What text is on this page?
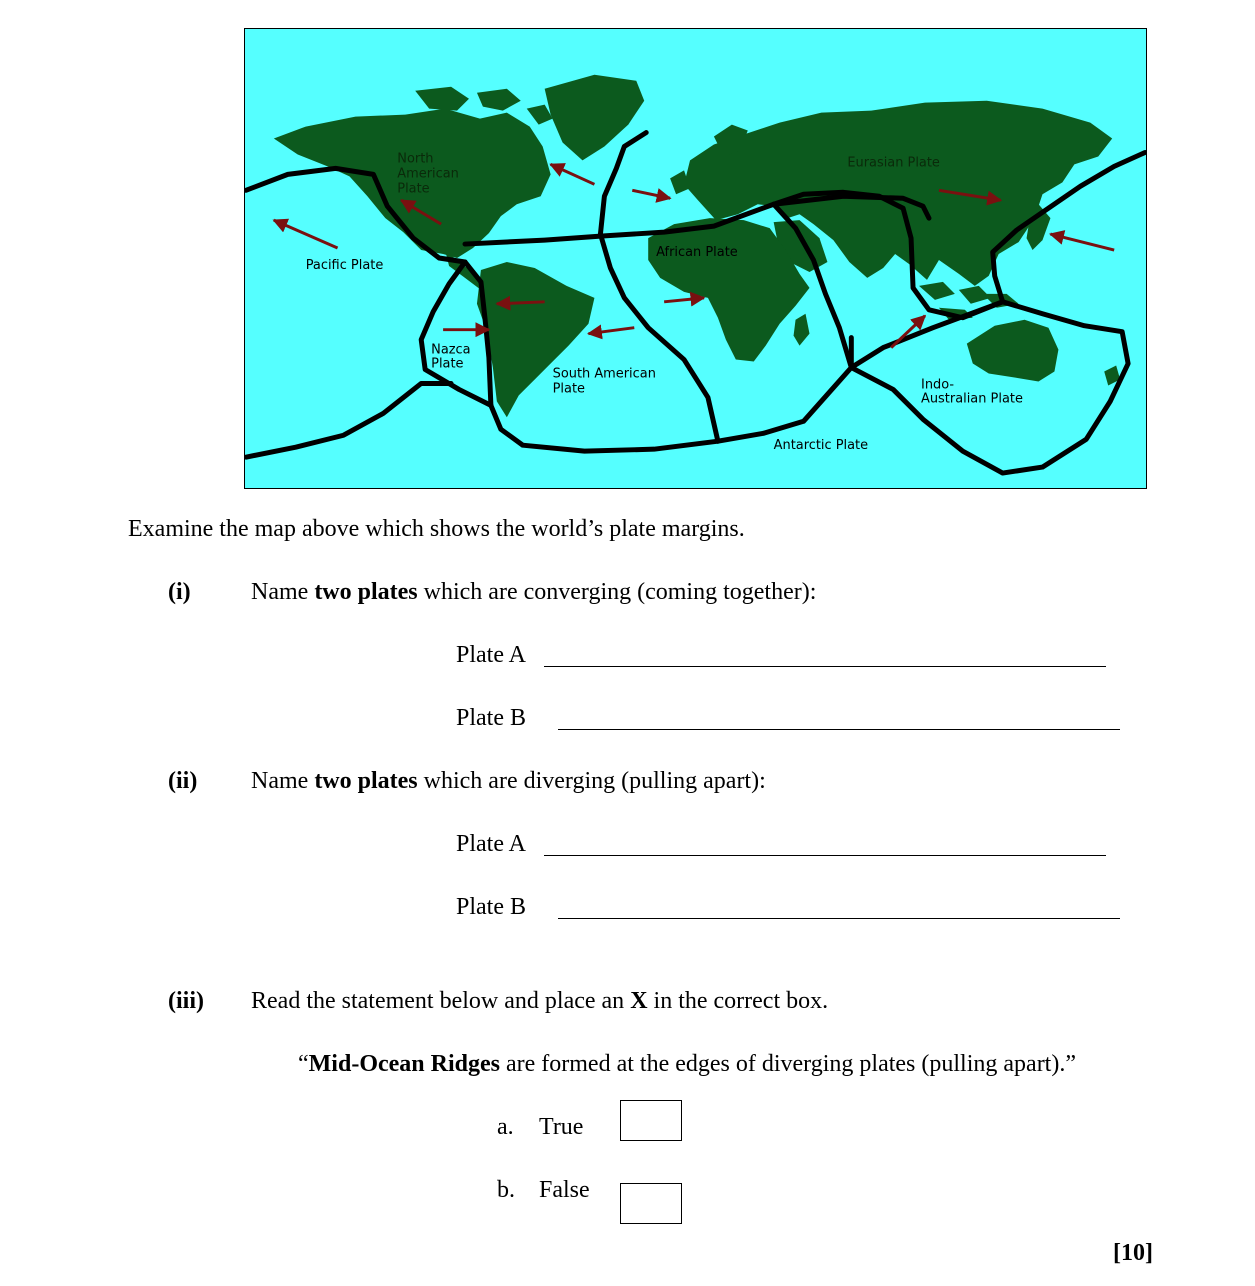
North
American
Plate
Eurasian Plate
Pacific Plate
African Plate
Nazca
Plate
South American
Plate	Indo-
Australian Plate
Antarctic Plate
Examine the map above which shows the world’s plate margins.
(i)	Name two plates which are converging (coming together):
Plate A
Plate B
(ii) Name two plates which are diverging (pulling apart):
Plate A
Plate B
(iii) Read the statement below and place an X in the correct box.
“Mid-Ocean Ridges are formed at the edges of diverging plates (pulling apart).”
a. True
b. False
[10]
